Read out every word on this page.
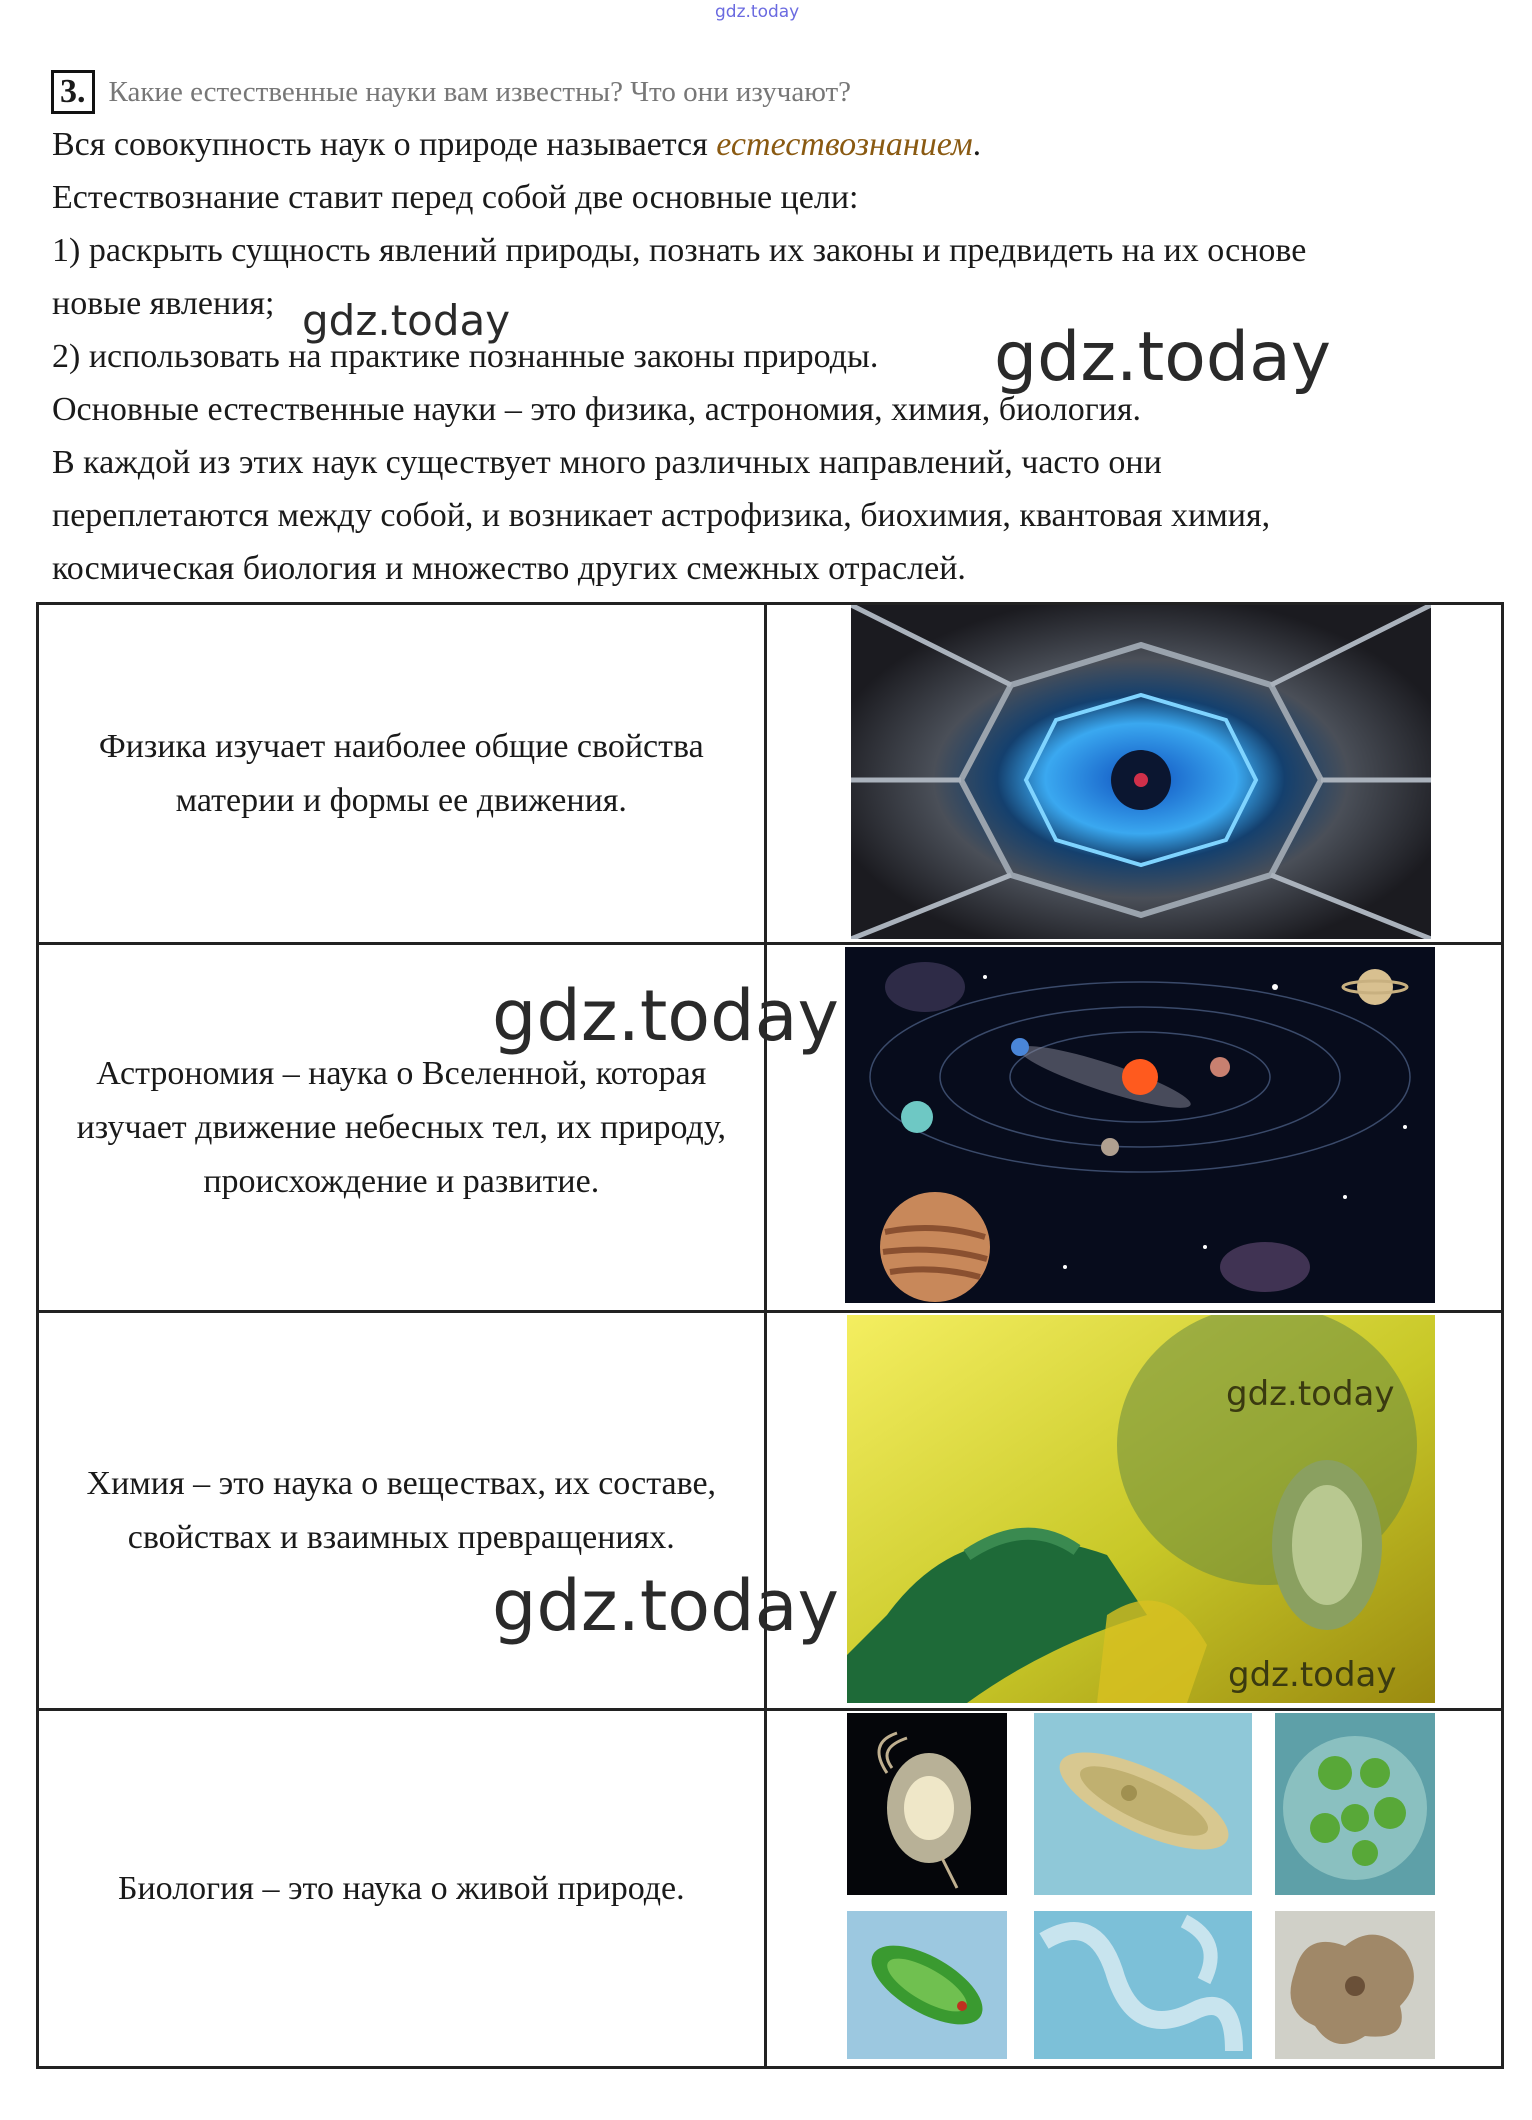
gdz.today
3. Какие естественные науки вам известны? Что они изучают?
Вся совокупность наук о природе называется естествознанием.
Естествознание ставит перед собой две основные цели:
1) раскрыть сущность явлений природы, познать их законы и предвидеть на их основе
новые явления;
2) использовать на практике познанные законы природы.
Основные естественные науки – это физика, астрономия, химия, биология.
В каждой из этих наук существует много различных направлений, часто они
переплетаются между собой, и возникает астрофизика, биохимия, квантовая химия,
космическая биология и множество других смежных отраслей.
gdz.today	gdz.today
Физика изучает наиболее общие свойства материи и формы ее движения.	

Астрономия – наука о Вселенной, которая изучает движение небесных тел, их природу, происхождение и развитие.	

Химия – это наука о веществах, их составе, свойствах и взаимных превращениях.	

Биология – это наука о живой природе.	
gdz.today
gdz.today
gdz.today
gdz.today
